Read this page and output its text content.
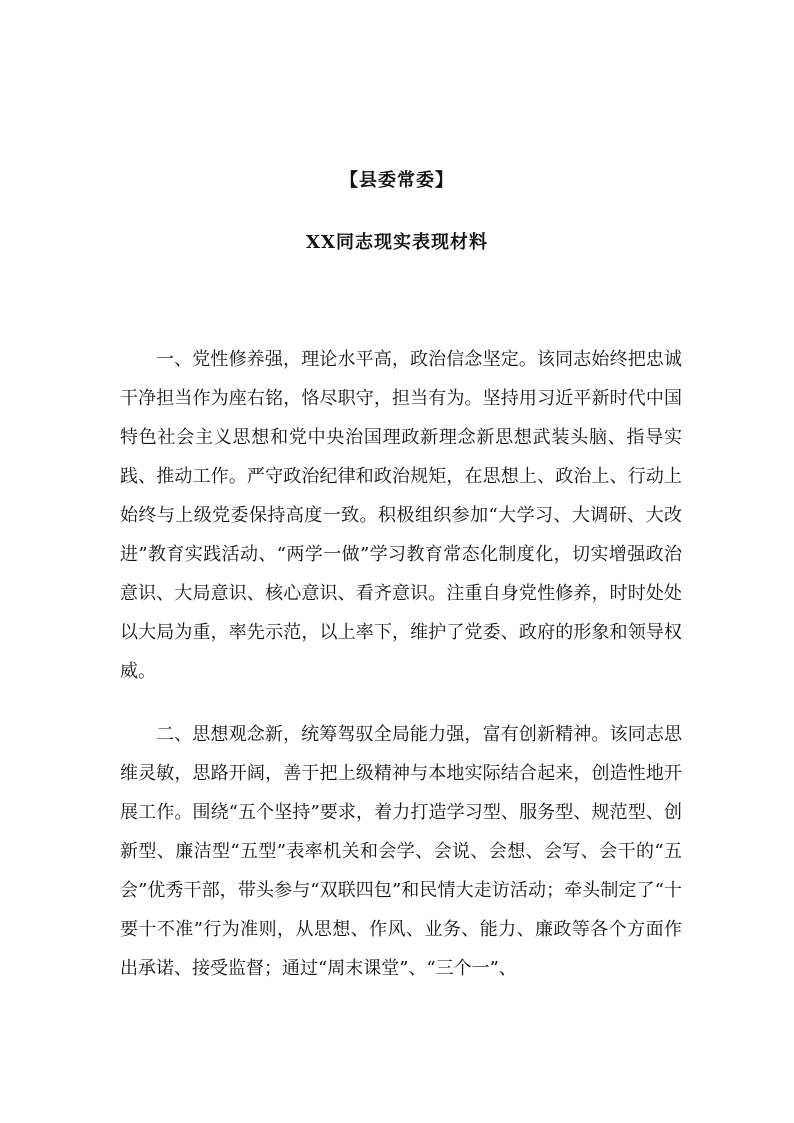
【县委常委】
XX同志现实表现材料

一、党性修养强，理论水平高，政治信念坚定。该同志始终把忠诚干净担当作为座右铭，恪尽职守，担当有为。坚持用习近平新时代中国特色社会主义思想和党中央治国理政新理念新思想武装头脑、指导实践、推动工作。严守政治纪律和政治规矩，在思想上、政治上、行动上始终与上级党委保持高度一致。积极组织参加“大学习、大调研、大改进”教育实践活动、“两学一做”学习教育常态化制度化，切实增强政治意识、大局意识、核心意识、看齐意识。注重自身党性修养，时时处处以大局为重，率先示范，以上率下，维护了党委、政府的形象和领导权威。

二、思想观念新，统筹驾驭全局能力强，富有创新精神。该同志思维灵敏，思路开阔，善于把上级精神与本地实际结合起来，创造性地开展工作。围绕“五个坚持”要求，着力打造学习型、服务型、规范型、创新型、廉洁型“五型”表率机关和会学、会说、会想、会写、会干的“五会”优秀干部，带头参与“双联四包”和民情大走访活动；牵头制定了“十要十不准”行为准则，从思想、作风、业务、能力、廉政等各个方面作出承诺、接受监督；通过“周末课堂”、“三个一”、
